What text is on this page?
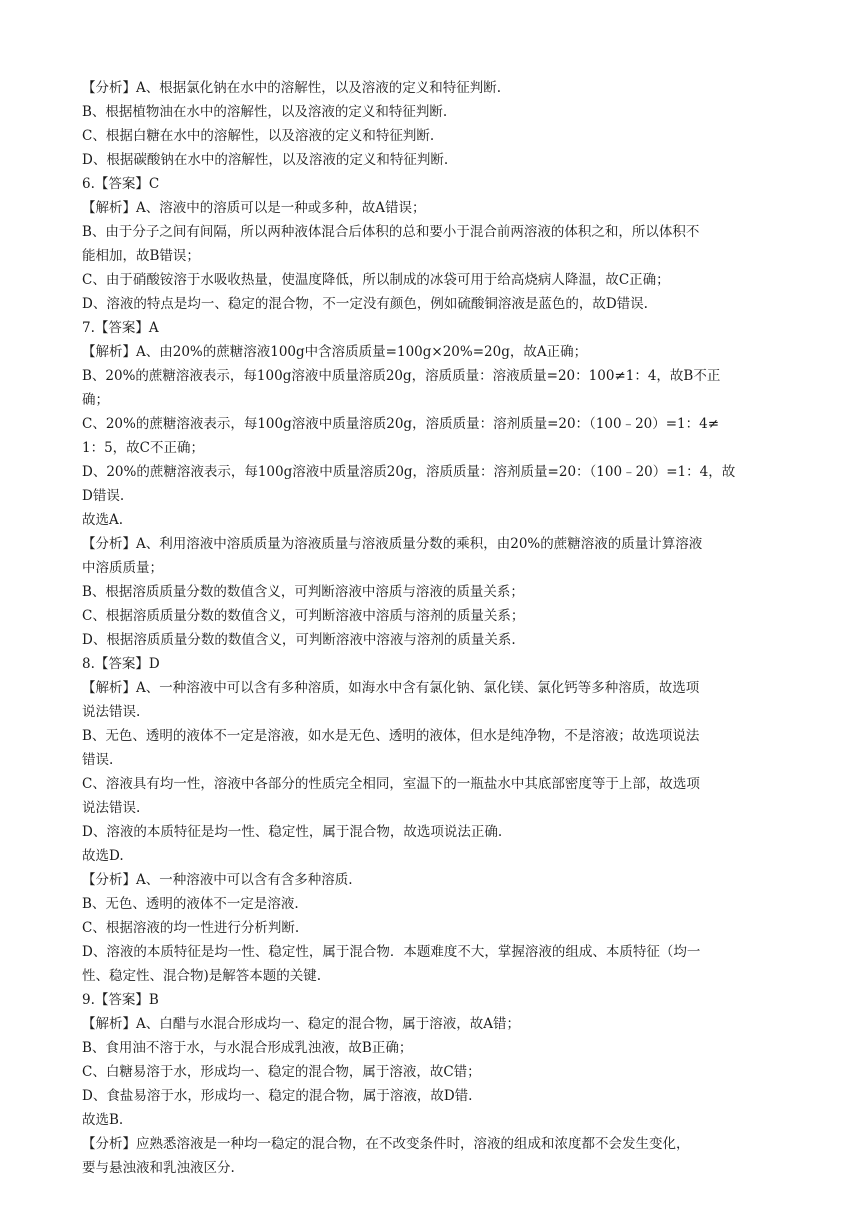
【分析】A、根据氯化钠在水中的溶解性，以及溶液的定义和特征判断.
B、根据植物油在水中的溶解性，以及溶液的定义和特征判断.
C、根据白糖在水中的溶解性，以及溶液的定义和特征判断.
D、根据碳酸钠在水中的溶解性，以及溶液的定义和特征判断.
6.【答案】C
【解析】A、溶液中的溶质可以是一种或多种，故A错误；
B、由于分子之间有间隔，所以两种液体混合后体积的总和要小于混合前两溶液的体积之和，所以体积不
能相加，故B错误；
C、由于硝酸铵溶于水吸收热量，使温度降低，所以制成的冰袋可用于给高烧病人降温，故C正确；
D、溶液的特点是均一、稳定的混合物，不一定没有颜色，例如硫酸铜溶液是蓝色的，故D错误.
7.【答案】A
【解析】A、由20%的蔗糖溶液100g中含溶质质量=100g×20%=20g，故A正确；
B、20%的蔗糖溶液表示，每100g溶液中质量溶质20g，溶质质量：溶液质量=20：100≠1：4，故B不正
确；
C、20%的蔗糖溶液表示，每100g溶液中质量溶质20g，溶质质量：溶剂质量=20：（100﹣20）=1：4≠
1：5，故C不正确；
D、20%的蔗糖溶液表示，每100g溶液中质量溶质20g，溶质质量：溶剂质量=20：（100﹣20）=1：4，故
D错误.
故选A.
【分析】A、利用溶液中溶质质量为溶液质量与溶液质量分数的乘积，由20%的蔗糖溶液的质量计算溶液
中溶质质量；
B、根据溶质质量分数的数值含义，可判断溶液中溶质与溶液的质量关系；
C、根据溶质质量分数的数值含义，可判断溶液中溶质与溶剂的质量关系；
D、根据溶质质量分数的数值含义，可判断溶液中溶液与溶剂的质量关系.
8.【答案】D
【解析】A、一种溶液中可以含有多种溶质，如海水中含有氯化钠、氯化镁、氯化钙等多种溶质，故选项
说法错误.
B、无色、透明的液体不一定是溶液，如水是无色、透明的液体，但水是纯净物，不是溶液；故选项说法
错误.
C、溶液具有均一性，溶液中各部分的性质完全相同，室温下的一瓶盐水中其底部密度等于上部，故选项
说法错误.
D、溶液的本质特征是均一性、稳定性，属于混合物，故选项说法正确.
故选D.
【分析】A、一种溶液中可以含有含多种溶质.
B、无色、透明的液体不一定是溶液.
C、根据溶液的均一性进行分析判断.
D、溶液的本质特征是均一性、稳定性，属于混合物．本题难度不大，掌握溶液的组成、本质特征（均一
性、稳定性、混合物)是解答本题的关键.
9.【答案】B
【解析】A、白醋与水混合形成均一、稳定的混合物，属于溶液，故A错；
B、食用油不溶于水，与水混合形成乳浊液，故B正确；
C、白糖易溶于水，形成均一、稳定的混合物，属于溶液，故C错；
D、食盐易溶于水，形成均一、稳定的混合物，属于溶液，故D错.
故选B.
【分析】应熟悉溶液是一种均一稳定的混合物，在不改变条件时，溶液的组成和浓度都不会发生变化，
要与悬浊液和乳浊液区分.
